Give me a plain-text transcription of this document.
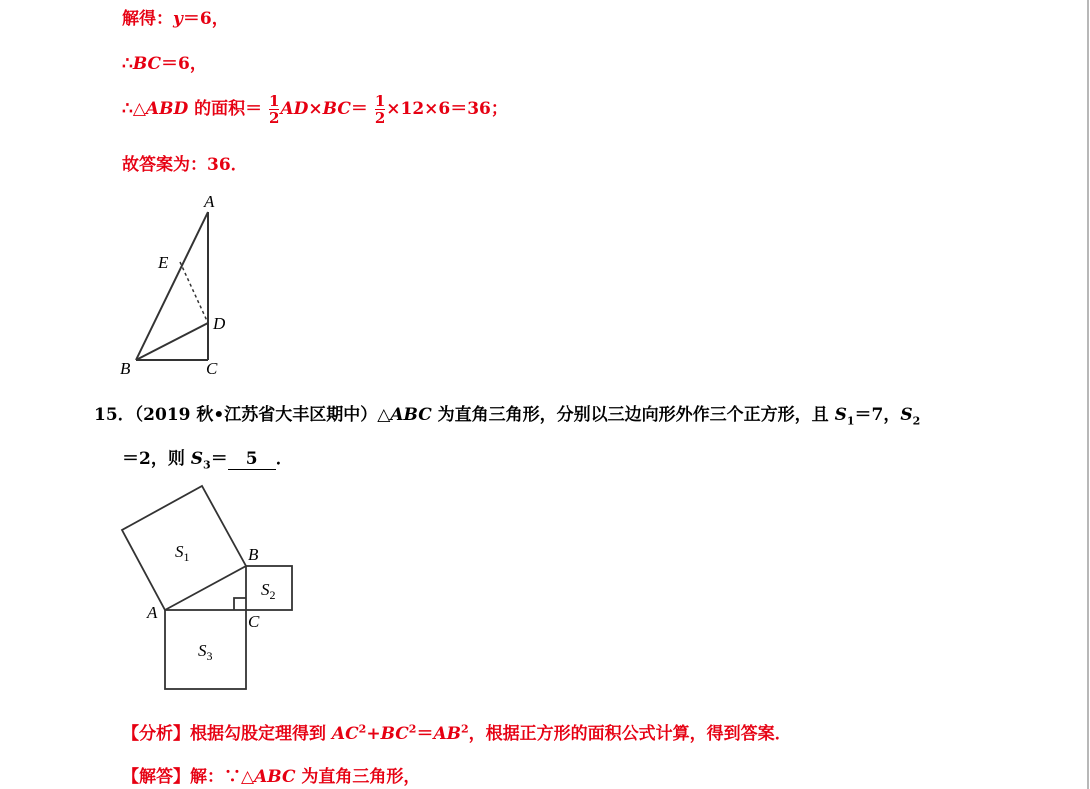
解得：y＝6，
∴BC＝6，
∴△ABD 的面积＝ $\frac{1}{2} AD\times BC= \frac{1}{2} \times 12\times 6=36$；
故答案为：36．
A
E
D
B	C
$S_1$
$S_2$
$S_3$
A
B
C
15．（2019 秋•江苏省大丰区期中）△ABC 为直角三角形，分别以三边向形外作三个正方形，且 $S_1=7$，$S_2$
＝2，则 $S_3= 5$ ．
【分析】根据勾股定理得到 $AC^2+BC^2=AB^2$，根据正方形的面积公式计算，得到答案．
【解答】解：∵△ABC 为直角三角形，
